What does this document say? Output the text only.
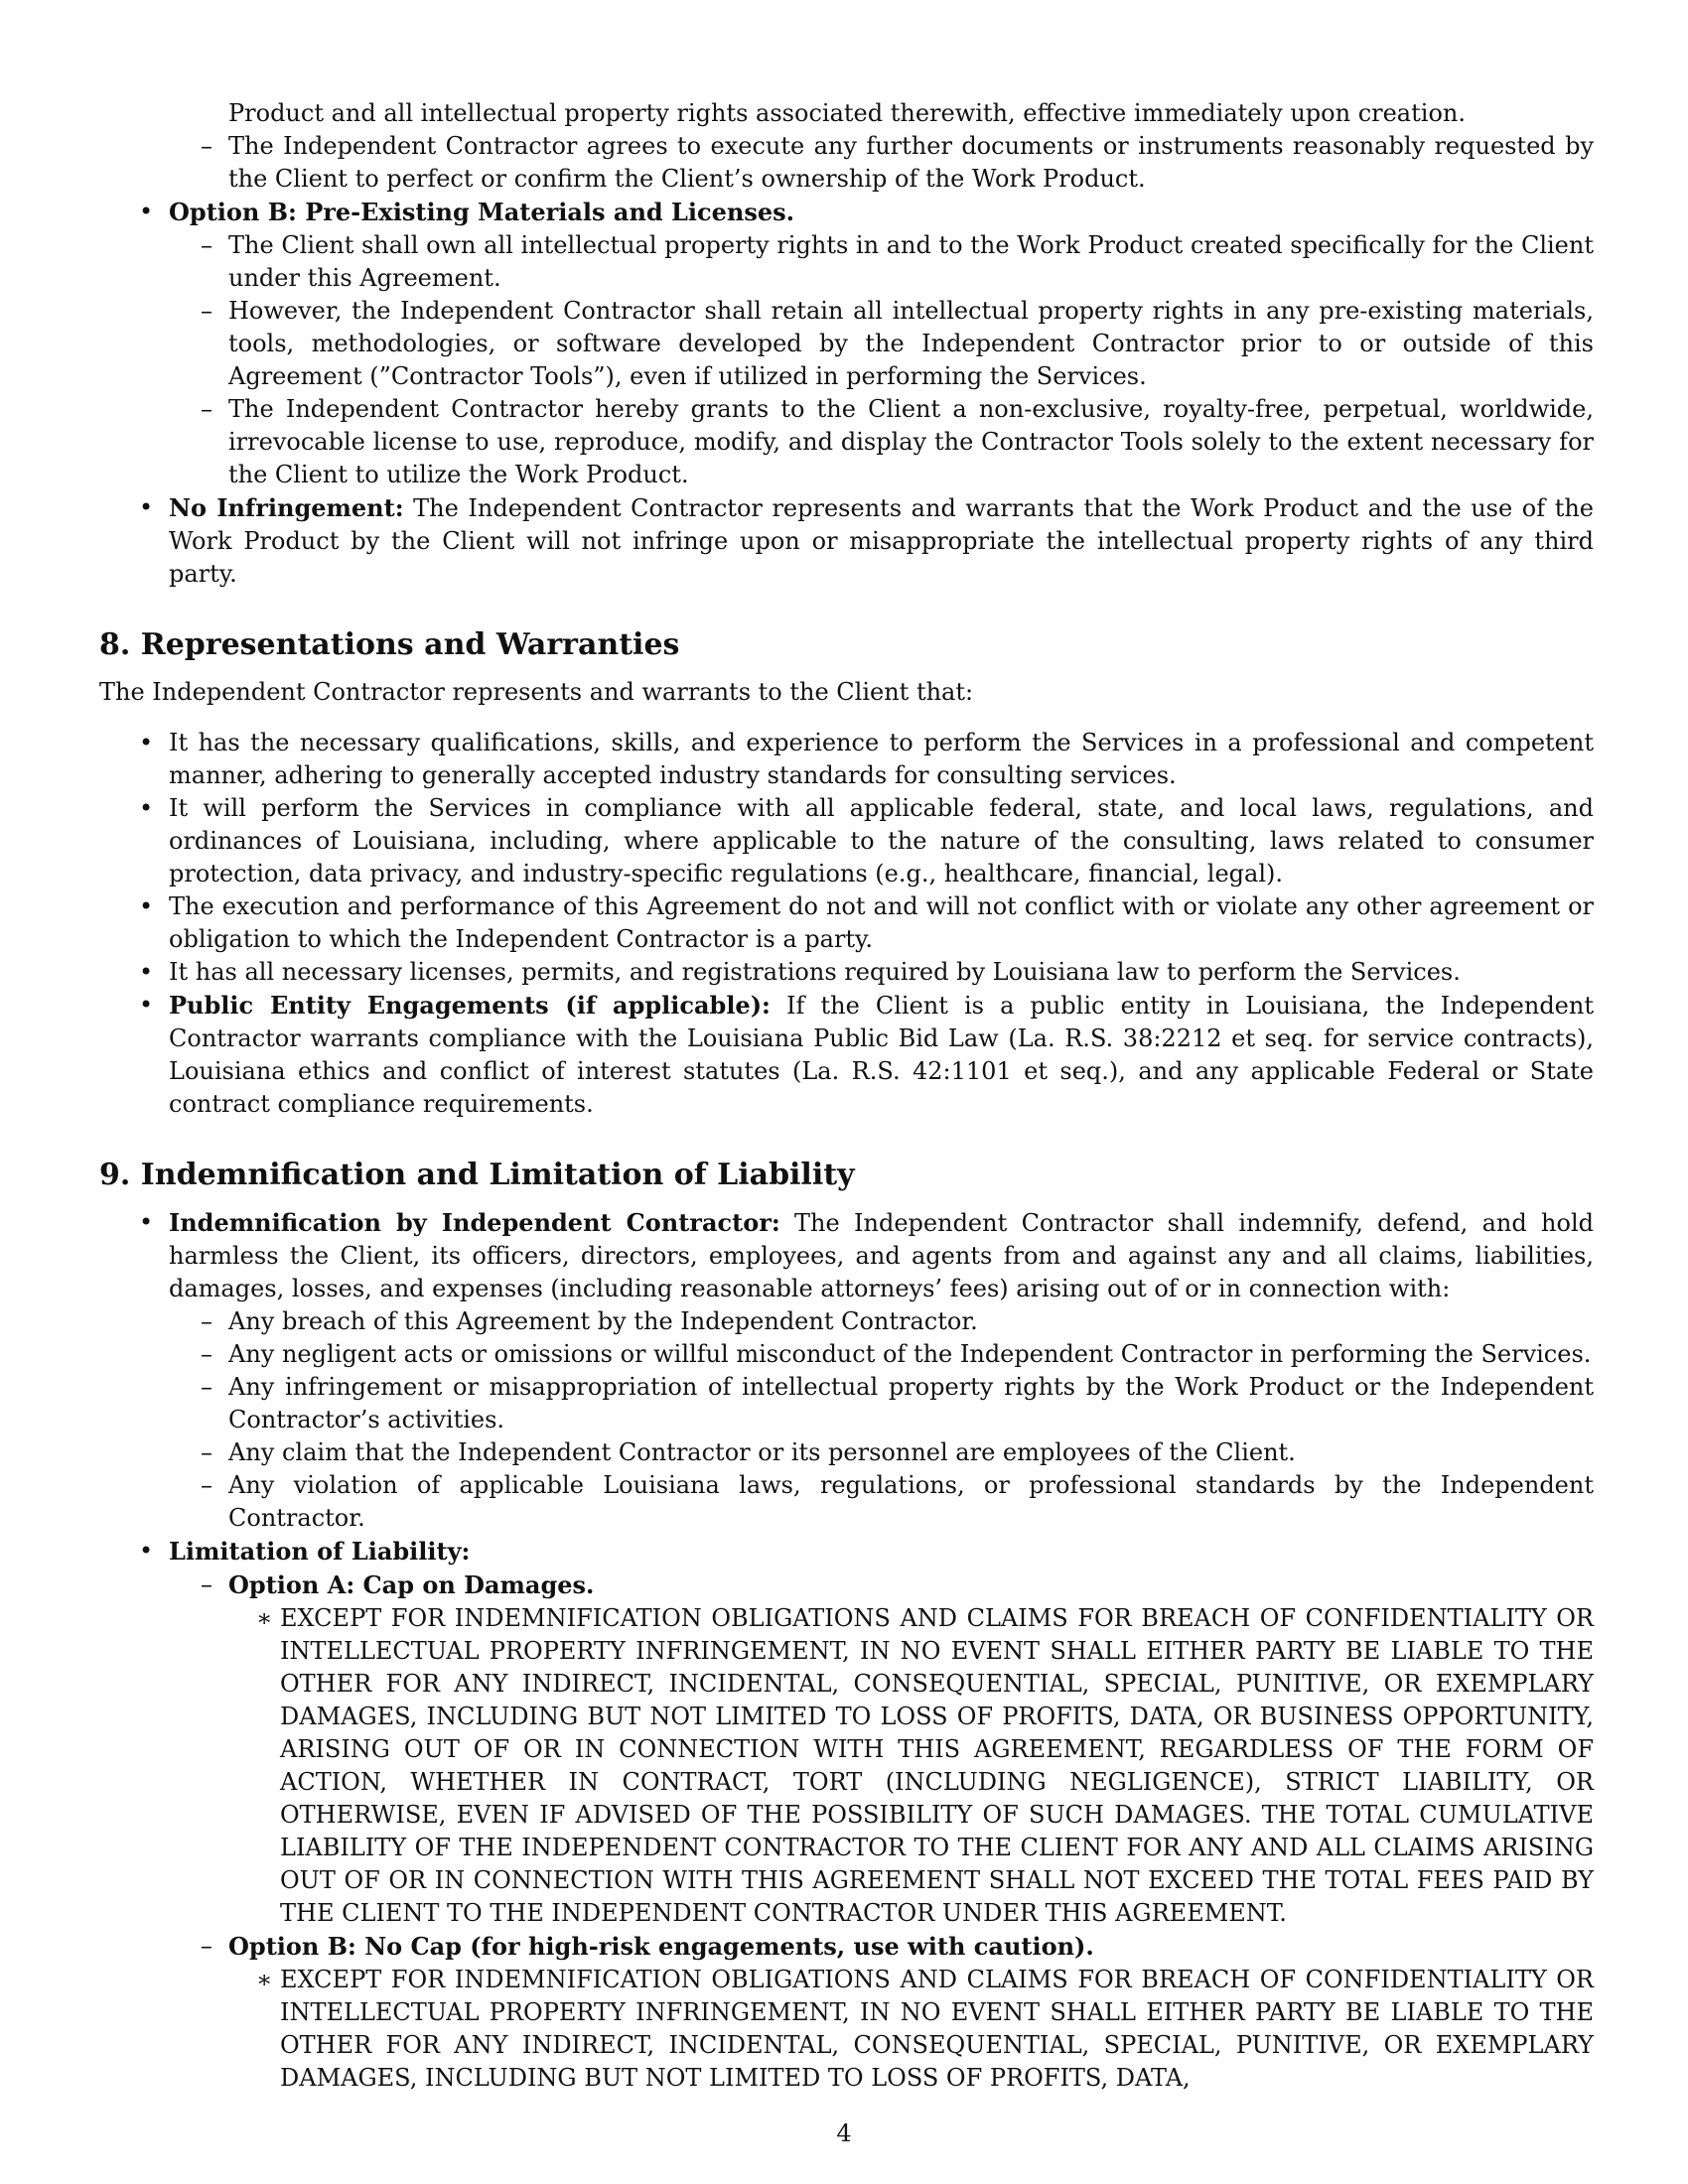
Product and all intellectual property rights associated therewith, effective immediately upon creation.
– The Independent Contractor agrees to execute any further documents or instruments reasonably requested by the Client to perfect or confirm the Client’s ownership of the Work Product.
• Option B: Pre-Existing Materials and Licenses.
– The Client shall own all intellectual property rights in and to the Work Product created specifically for the Client under this Agreement.
– However, the Independent Contractor shall retain all intellectual property rights in any pre-existing materials, tools, methodologies, or software developed by the Independent Contractor prior to or outside of this Agreement (”Contractor Tools”), even if utilized in performing the Services.
– The Independent Contractor hereby grants to the Client a non-exclusive, royalty-free, perpetual, worldwide, irrevocable license to use, reproduce, modify, and display the Contractor Tools solely to the extent necessary for the Client to utilize the Work Product.
• No Infringement: The Independent Contractor represents and warrants that the Work Product and the use of the Work Product by the Client will not infringe upon or misappropriate the intellectual property rights of any third party.
8. Representations and Warranties

The Independent Contractor represents and warrants to the Client that:

• It has the necessary qualifications, skills, and experience to perform the Services in a professional and competent manner, adhering to generally accepted industry standards for consulting services.
• It will perform the Services in compliance with all applicable federal, state, and local laws, regulations, and ordinances of Louisiana, including, where applicable to the nature of the consulting, laws related to consumer protection, data privacy, and industry-specific regulations (e.g., healthcare, financial, legal).
• The execution and performance of this Agreement do not and will not conflict with or violate any other agreement or obligation to which the Independent Contractor is a party.
• It has all necessary licenses, permits, and registrations required by Louisiana law to perform the Services.
• Public Entity Engagements (if applicable): If the Client is a public entity in Louisiana, the Independent Contractor warrants compliance with the Louisiana Public Bid Law (La. R.S. 38:2212 et seq. for service contracts), Louisiana ethics and conflict of interest statutes (La. R.S. 42:1101 et seq.), and any applicable Federal or State contract compliance requirements.
9. Indemnification and Limitation of Liability
• Indemnification by Independent Contractor: The Independent Contractor shall indemnify, defend, and hold harmless the Client, its officers, directors, employees, and agents from and against any and all claims, liabilities, damages, losses, and expenses (including reasonable attorneys’ fees) arising out of or in connection with:
– Any breach of this Agreement by the Independent Contractor.
– Any negligent acts or omissions or willful misconduct of the Independent Contractor in performing the Services.
– Any infringement or misappropriation of intellectual property rights by the Work Product or the Independent Contractor’s activities.
– Any claim that the Independent Contractor or its personnel are employees of the Client.
– Any violation of applicable Louisiana laws, regulations, or professional standards by the Independent Contractor.
• Limitation of Liability:
– Option A: Cap on Damages.
∗ EXCEPT FOR INDEMNIFICATION OBLIGATIONS AND CLAIMS FOR BREACH OF CONFIDENTIALITY OR INTELLECTUAL PROPERTY INFRINGEMENT, IN NO EVENT SHALL EITHER PARTY BE LIABLE TO THE OTHER FOR ANY INDIRECT, INCIDENTAL, CONSEQUENTIAL, SPECIAL, PUNITIVE, OR EXEMPLARY DAMAGES, INCLUDING BUT NOT LIMITED TO LOSS OF PROFITS, DATA, OR BUSINESS OPPORTUNITY, ARISING OUT OF OR IN CONNECTION WITH THIS AGREEMENT, REGARDLESS OF THE FORM OF ACTION, WHETHER IN CONTRACT, TORT (INCLUDING NEGLIGENCE), STRICT LIABILITY, OR OTHERWISE, EVEN IF ADVISED OF THE POSSIBILITY OF SUCH DAMAGES. THE TOTAL CUMULATIVE LIABILITY OF THE INDEPENDENT CONTRACTOR TO THE CLIENT FOR ANY AND ALL CLAIMS ARISING OUT OF OR IN CONNECTION WITH THIS AGREEMENT SHALL NOT EXCEED THE TOTAL FEES PAID BY THE CLIENT TO THE INDEPENDENT CONTRACTOR UNDER THIS AGREEMENT.
– Option B: No Cap (for high-risk engagements, use with caution).
∗ EXCEPT FOR INDEMNIFICATION OBLIGATIONS AND CLAIMS FOR BREACH OF CONFIDENTIALITY OR INTELLECTUAL PROPERTY INFRINGEMENT, IN NO EVENT SHALL EITHER PARTY BE LIABLE TO THE OTHER FOR ANY INDIRECT, INCIDENTAL, CONSEQUENTIAL, SPECIAL, PUNITIVE, OR EXEMPLARY DAMAGES, INCLUDING BUT NOT LIMITED TO LOSS OF PROFITS, DATA,
4
